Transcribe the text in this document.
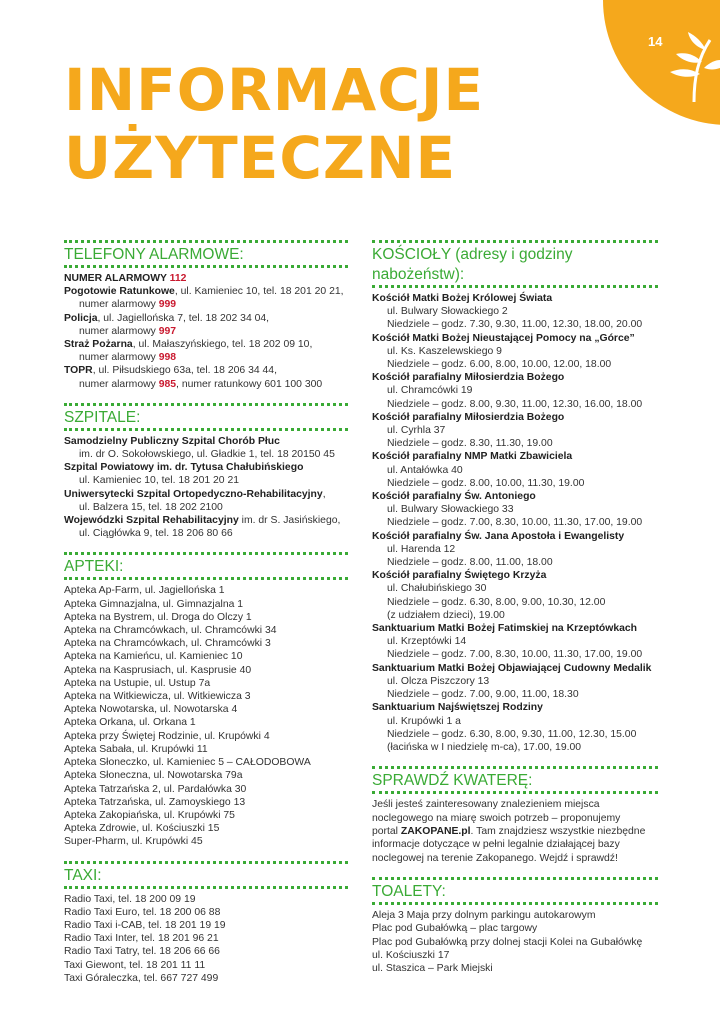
14
INFORMACJE
UŻYTECZNE
TELEFONY ALARMOWE:

NUMER ALARMOWY 112

Pogotowie Ratunkowe, ul. Kamieniec 10, tel. 18 201 20 21,

numer alarmowy 999

Policja, ul. Jagiellońska 7, tel. 18 202 34 04,

numer alarmowy 997

Straż Pożarna, ul. Małaszyńskiego, tel. 18 202 09 10,

numer alarmowy 998

TOPR, ul. Piłsudskiego 63a, tel. 18 206 34 44,

numer alarmowy 985, numer ratunkowy 601 100 300

SZPITALE:

Samodzielny Publiczny Szpital Chorób Płuc

im. dr O. Sokołowskiego, ul. Gładkie 1, tel. 18 20150 45

Szpital Powiatowy im. dr. Tytusa Chałubińskiego

ul. Kamieniec 10, tel. 18 201 20 21

Uniwersytecki Szpital Ortopedyczno-Rehabilitacyjny,

ul. Balzera 15, tel. 18 202 2100

Wojewódzki Szpital Rehabilitacyjny im. dr S. Jasińskiego,

ul. Ciągłówka 9, tel. 18 206 80 66

APTEKI:

Apteka Ap-Farm, ul. Jagiellońska 1

Apteka Gimnazjalna, ul. Gimnazjalna 1

Apteka na Bystrem, ul. Droga do Olczy 1

Apteka na Chramcówkach, ul. Chramcówki 34

Apteka na Chramcówkach, ul. Chramcówki 3

Apteka na Kamieńcu, ul. Kamieniec 10

Apteka na Kasprusiach, ul. Kasprusie 40

Apteka na Ustupie, ul. Ustup 7a

Apteka na Witkiewicza, ul. Witkiewicza 3

Apteka Nowotarska, ul. Nowotarska 4

Apteka Orkana, ul. Orkana 1

Apteka przy Świętej Rodzinie, ul. Krupówki 4

Apteka Sabała, ul. Krupówki 11

Apteka Słoneczko, ul. Kamieniec 5 – CAŁODOBOWA

Apteka Słoneczna, ul. Nowotarska 79a

Apteka Tatrzańska 2, ul. Pardałówka 30

Apteka Tatrzańska, ul. Zamoyskiego 13

Apteka Zakopiańska, ul. Krupówki 75

Apteka Zdrowie, ul. Kościuszki 15

Super-Pharm, ul. Krupówki 45

TAXI:

Radio Taxi, tel. 18 200 09 19

Radio Taxi Euro, tel. 18 200 06 88

Radio Taxi i-CAB, tel. 18 201 19 19

Radio Taxi Inter, tel. 18 201 96 21

Radio Taxi Tatry, tel. 18 206 66 66

Taxi Giewont, tel. 18 201 11 11

Taxi Góraleczka, tel. 667 727 499

KOŚCIOŁY (adresy i godziny nabożeństw):

Kościół Matki Bożej Królowej Świata

ul. Bulwary Słowackiego 2

Niedziele – godz. 7.30, 9.30, 11.00, 12.30, 18.00, 20.00

Kościół Matki Bożej Nieustającej Pomocy na „Górce”

ul. Ks. Kaszelewskiego 9

Niedziele – godz. 6.00, 8.00, 10.00, 12.00, 18.00

Kościół parafialny Miłosierdzia Bożego

ul. Chramcówki 19

Niedziele – godz. 8.00, 9.30, 11.00, 12.30, 16.00, 18.00

Kościół parafialny Miłosierdzia Bożego

ul. Cyrhla 37

Niedziele – godz. 8.30, 11.30, 19.00

Kościół parafialny NMP Matki Zbawiciela

ul. Antałówka 40

Niedziele – godz. 8.00, 10.00, 11.30, 19.00

Kościół parafialny Św. Antoniego

ul. Bulwary Słowackiego 33

Niedziele – godz. 7.00, 8.30, 10.00, 11.30, 17.00, 19.00

Kościół parafialny Św. Jana Apostoła i Ewangelisty

ul. Harenda 12

Niedziele – godz. 8.00, 11.00, 18.00

Kościół parafialny Świętego Krzyża

ul. Chałubińskiego 30

Niedziele – godz. 6.30, 8.00, 9.00, 10.30, 12.00

(z udziałem dzieci), 19.00

Sanktuarium Matki Bożej Fatimskiej na Krzeptówkach

ul. Krzeptówki 14

Niedziele – godz. 7.00, 8.30, 10.00, 11.30, 17.00, 19.00

Sanktuarium Matki Bożej Objawiającej Cudowny Medalik

ul. Olcza Piszczory 13

Niedziele – godz. 7.00, 9.00, 11.00, 18.30

Sanktuarium Najświętszej Rodziny

ul. Krupówki 1 a

Niedziele – godz. 6.30, 8.00, 9.30, 11.00, 12.30, 15.00

(łacińska w I niedzielę m-ca), 17.00, 19.00

SPRAWDŹ KWATERĘ:

Jeśli jesteś zainteresowany znalezieniem miejsca

noclegowego na miarę swoich potrzeb – proponujemy

portal ZAKOPANE.pl. Tam znajdziesz wszystkie niezbędne

informacje dotyczące w pełni legalnie działającej bazy

noclegowej na terenie Zakopanego. Wejdź i sprawdź!

TOALETY:

Aleja 3 Maja przy dolnym parkingu autokarowym

Plac pod Gubałówką – plac targowy

Plac pod Gubałówką przy dolnej stacji Kolei na Gubałówkę

ul. Kościuszki 17

ul. Staszica – Park Miejski
